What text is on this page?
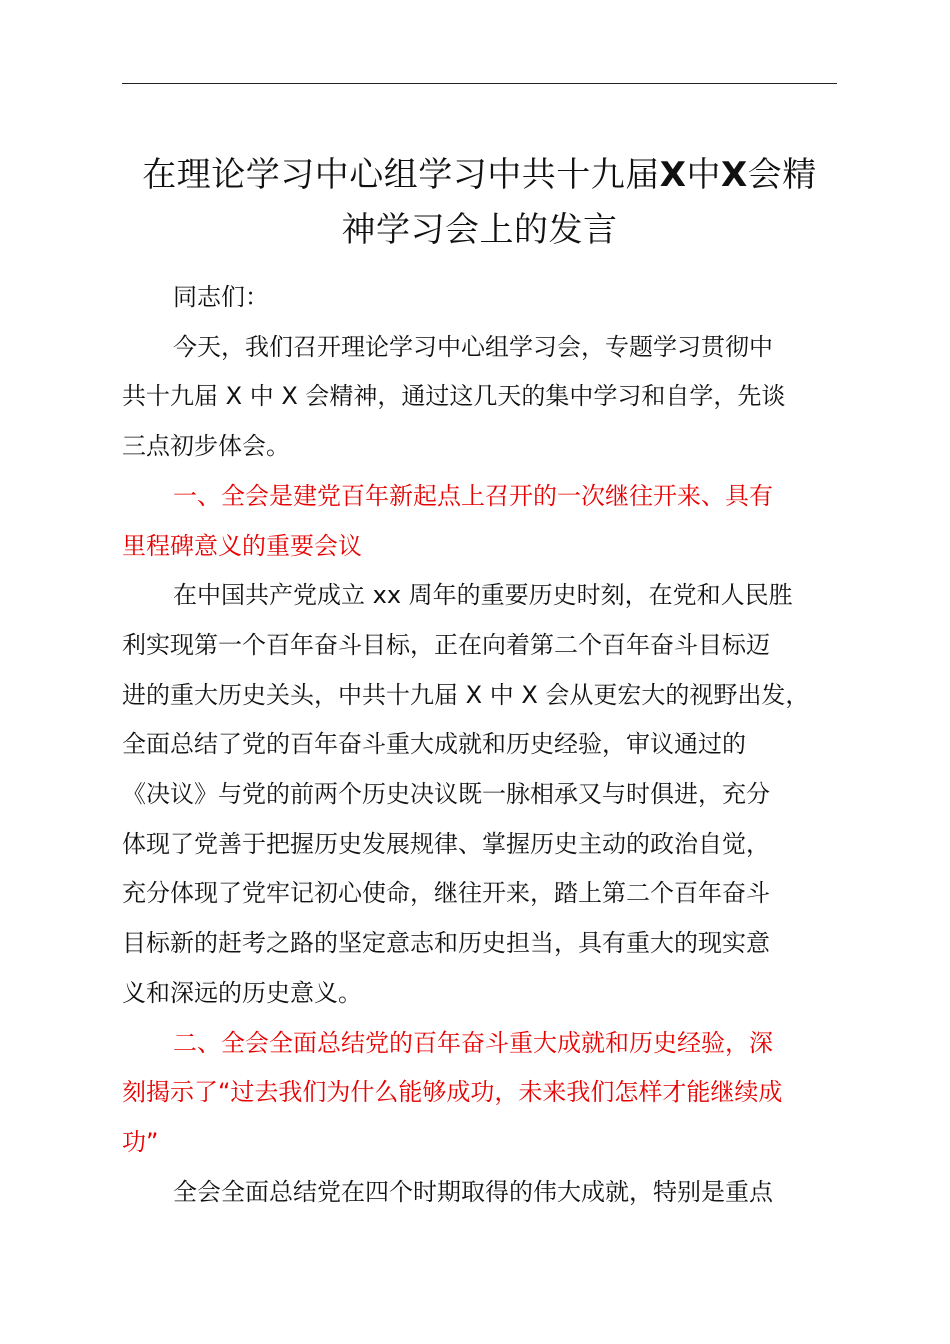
在理论学习中心组学习中共十九届X中X会精
神学习会上的发言

同志们：

今天，我们召开理论学习中心组学习会，专题学习贯彻中
共十九届 X 中 X 会精神，通过这几天的集中学习和自学，先谈
三点初步体会。

一、全会是建党百年新起点上召开的一次继往开来、具有
里程碑意义的重要会议

在中国共产党成立 xx 周年的重要历史时刻，在党和人民胜
利实现第一个百年奋斗目标，正在向着第二个百年奋斗目标迈
进的重大历史关头，中共十九届 X 中 X 会从更宏大的视野出发，
全面总结了党的百年奋斗重大成就和历史经验，审议通过的
《决议》与党的前两个历史决议既一脉相承又与时俱进，充分
体现了党善于把握历史发展规律、掌握历史主动的政治自觉，
充分体现了党牢记初心使命，继往开来，踏上第二个百年奋斗
目标新的赶考之路的坚定意志和历史担当，具有重大的现实意
义和深远的历史意义。

二、全会全面总结党的百年奋斗重大成就和历史经验，深
刻揭示了“过去我们为什么能够成功，未来我们怎样才能继续成
功”

全会全面总结党在四个时期取得的伟大成就，特别是重点
